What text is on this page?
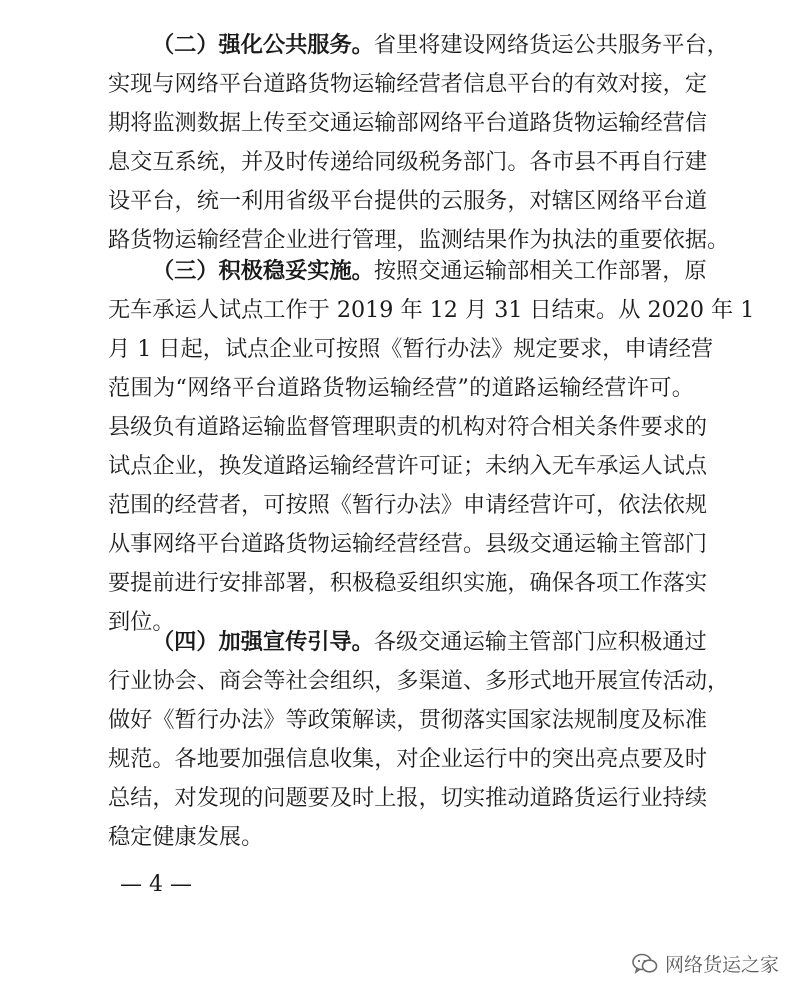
（二）强化公共服务。省里将建设网络货运公共服务平台，
实现与网络平台道路货物运输经营者信息平台的有效对接，定
期将监测数据上传至交通运输部网络平台道路货物运输经营信
息交互系统，并及时传递给同级税务部门。各市县不再自行建
设平台，统一利用省级平台提供的云服务，对辖区网络平台道
路货物运输经营企业进行管理，监测结果作为执法的重要依据。
（三）积极稳妥实施。按照交通运输部相关工作部署，原
无车承运人试点工作于 2019 年 12 月 31 日结束。从 2020 年 1
月 1 日起，试点企业可按照《暂行办法》规定要求，申请经营
范围为“网络平台道路货物运输经营”的道路运输经营许可。
县级负有道路运输监督管理职责的机构对符合相关条件要求的
试点企业，换发道路运输经营许可证；未纳入无车承运人试点
范围的经营者，可按照《暂行办法》申请经营许可，依法依规
从事网络平台道路货物运输经营经营。县级交通运输主管部门
要提前进行安排部署，积极稳妥组织实施，确保各项工作落实
到位。
（四）加强宣传引导。各级交通运输主管部门应积极通过
行业协会、商会等社会组织，多渠道、多形式地开展宣传活动，
做好《暂行办法》等政策解读，贯彻落实国家法规制度及标准
规范。各地要加强信息收集，对企业运行中的突出亮点要及时
总结，对发现的问题要及时上报，切实推动道路货运行业持续
稳定健康发展。
— 4 —
网络货运之家
